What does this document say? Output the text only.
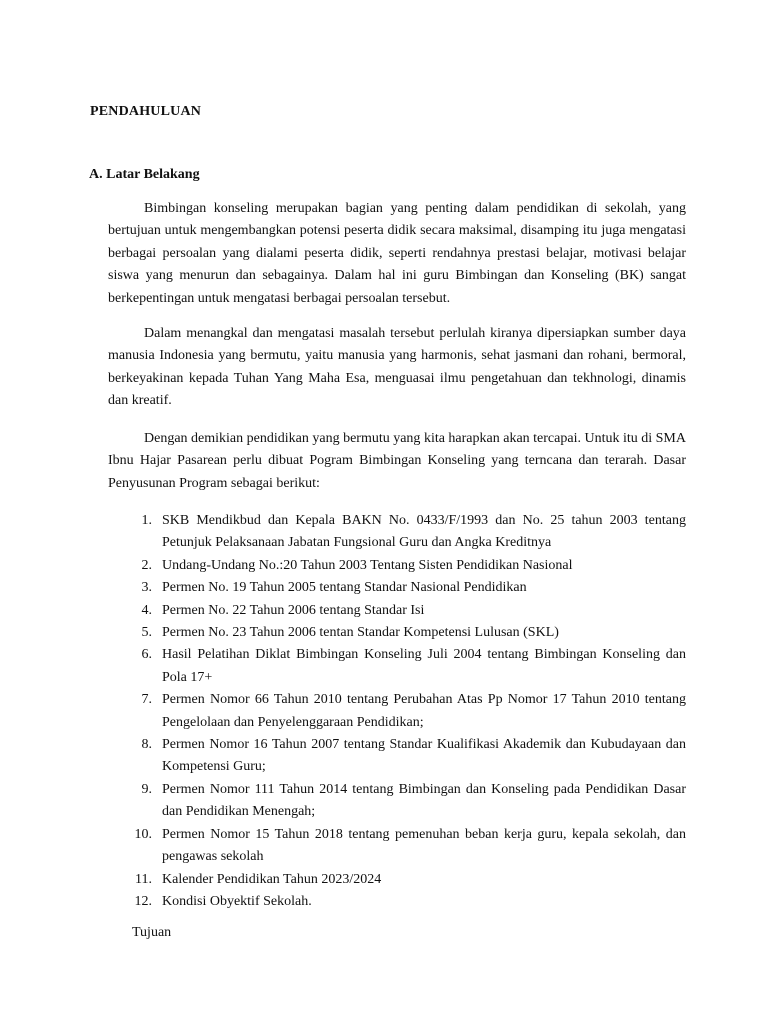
PENDAHULUAN
A. Latar Belakang

Bimbingan konseling merupakan bagian yang penting dalam pendidikan di sekolah, yang bertujuan untuk mengembangkan potensi peserta didik secara maksimal, disamping itu juga mengatasi berbagai persoalan yang dialami peserta didik, seperti rendahnya prestasi belajar, motivasi belajar siswa yang menurun dan sebagainya. Dalam hal ini guru Bimbingan dan Konseling (BK) sangat berkepentingan untuk mengatasi berbagai persoalan tersebut.

Dalam menangkal dan mengatasi masalah tersebut perlulah kiranya dipersiapkan sumber daya manusia Indonesia yang bermutu, yaitu manusia yang harmonis, sehat jasmani dan rohani, bermoral, berkeyakinan kepada Tuhan Yang Maha Esa, menguasai ilmu pengetahuan dan tekhnologi, dinamis dan kreatif.

Dengan demikian pendidikan yang bermutu yang kita harapkan akan tercapai. Untuk itu di SMA Ibnu Hajar Pasarean perlu dibuat Pogram Bimbingan Konseling yang terncana dan terarah. Dasar Penyusunan Program sebagai berikut:

1. SKB Mendikbud dan Kepala BAKN No. 0433/F/1993 dan No. 25 tahun 2003 tentang Petunjuk Pelaksanaan Jabatan Fungsional Guru dan Angka Kreditnya
2. Undang-Undang No.:20 Tahun 2003 Tentang Sisten Pendidikan Nasional
3. Permen No. 19 Tahun 2005 tentang Standar Nasional Pendidikan
4. Permen No. 22 Tahun 2006 tentang Standar Isi
5. Permen No. 23 Tahun 2006 tentan Standar Kompetensi Lulusan (SKL)
6. Hasil Pelatihan Diklat Bimbingan Konseling Juli 2004 tentang Bimbingan Konseling dan Pola 17+
7. Permen Nomor 66 Tahun 2010 tentang Perubahan Atas Pp Nomor 17 Tahun 2010 tentang Pengelolaan dan Penyelenggaraan Pendidikan;
8. Permen Nomor 16 Tahun 2007 tentang Standar Kualifikasi Akademik dan Kubudayaan dan Kompetensi Guru;
9. Permen Nomor 111 Tahun 2014 tentang Bimbingan dan Konseling pada Pendidikan Dasar dan Pendidikan Menengah;
10. Permen Nomor 15 Tahun 2018 tentang pemenuhan beban kerja guru, kepala sekolah, dan pengawas sekolah
11. Kalender Pendidikan Tahun 2023/2024
12. Kondisi Obyektif Sekolah.
Tujuan
